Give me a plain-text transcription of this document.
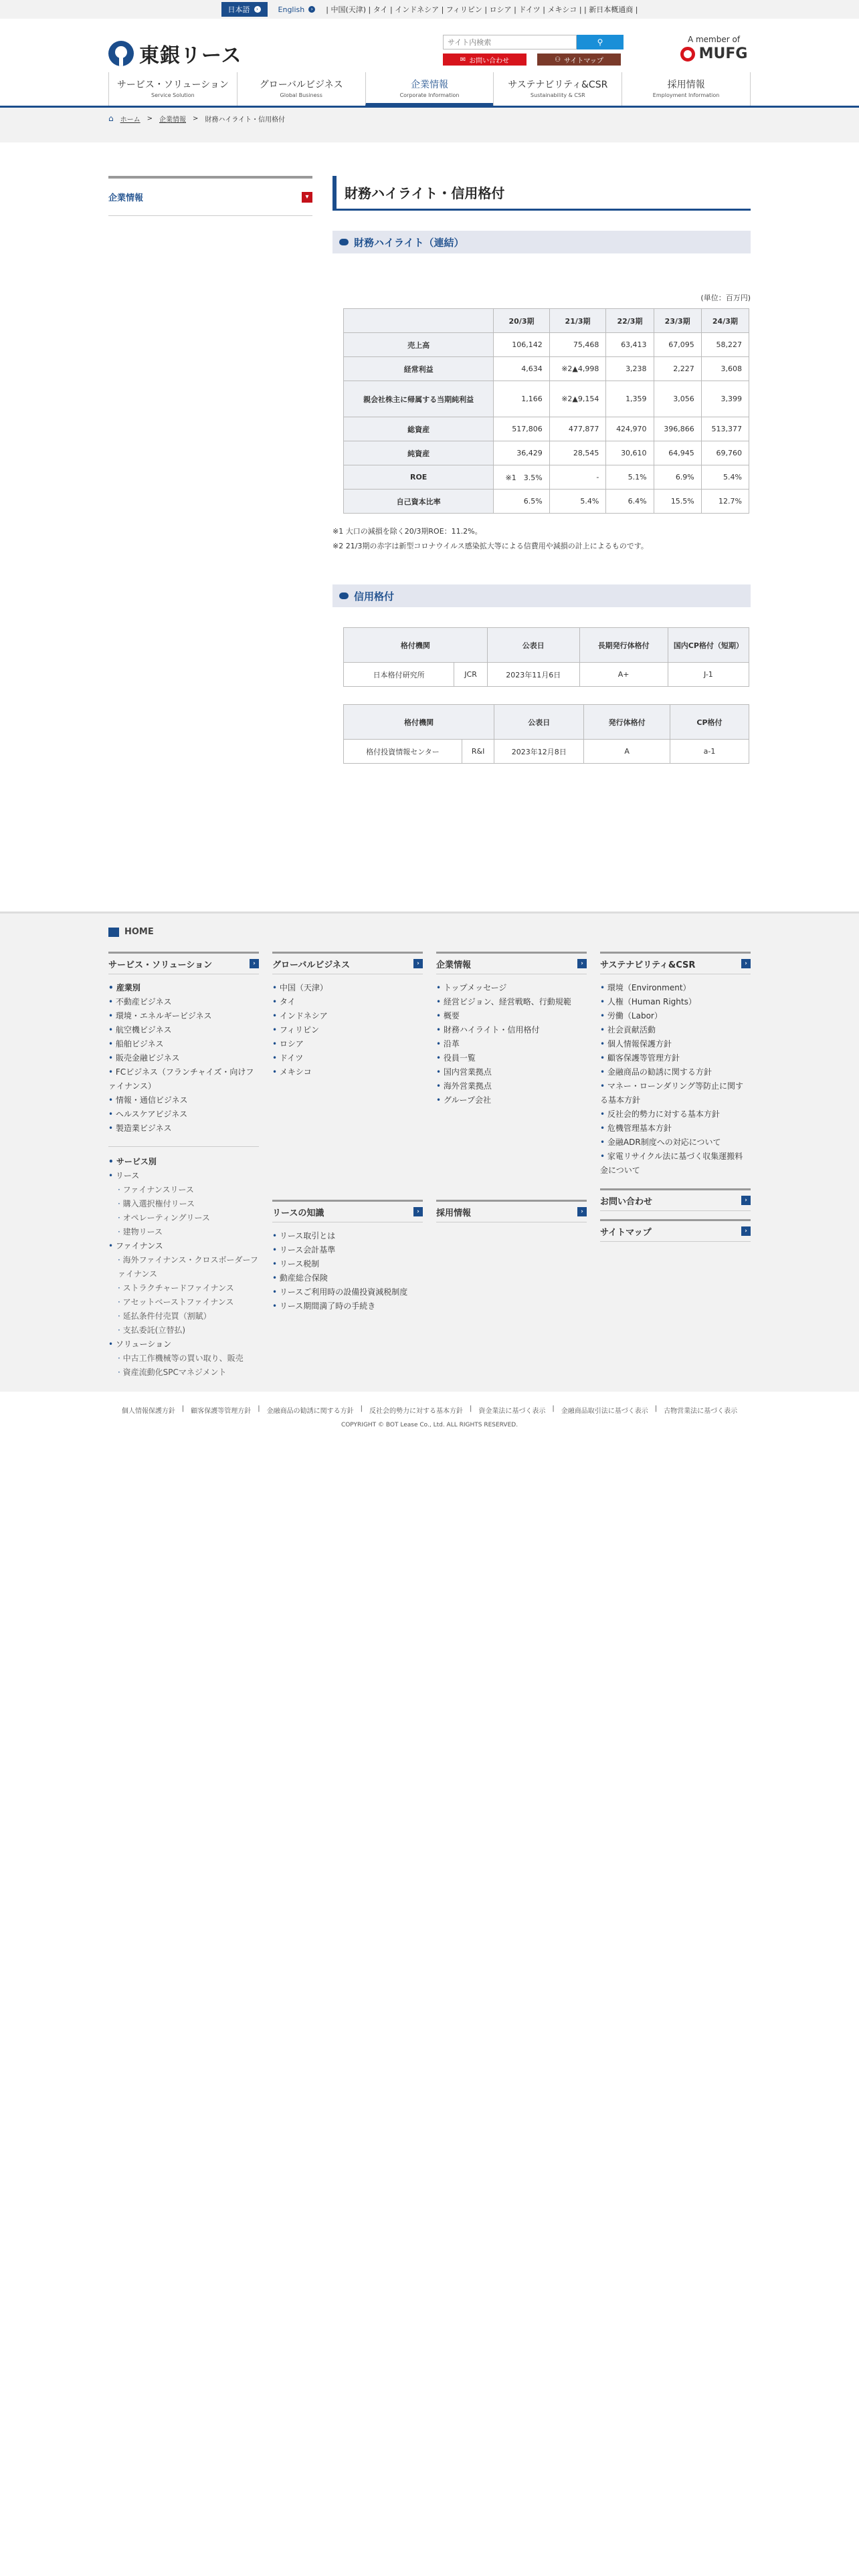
日本語	›	English	›	| 中国(天津) | タイ | インドネシア | フィリピン | ロシア | ドイツ | メキシコ | | 新日本概通商 |
東銀リース
サイト内検索
⚲
✉ お問い合わせ	⚇ サイトマップ
A member of
MUFG
サービス・ソリューション
Service Solution
グローバルビジネス
Global Business
企業情報
Corporate Information
サステナビリティ&CSR
Sustainability & CSR
採用情報
Employment Information
⌂ ホーム > 企業情報 > 財務ハイライト・信用格付
企業情報	▾	財務ハイライト・信用格付
財務ハイライト（連結）
(単位：百万円)
	20/3期	21/3期	22/3期	23/3期	24/3期
売上高	106,142	75,468	63,413	67,095	58,227
経常利益	4,634	※2▲4,998	3,238	2,227	3,608
親会社株主に帰属する当期純利益	1,166	※2▲9,154	1,359	3,056	3,399
総資産	517,806	477,877	424,970	396,866	513,377
純資産	36,429	28,545	30,610	64,945	69,760
ROE	※1　3.5%	-	5.1%	6.9%	5.4%
自己資本比率	6.5%	5.4%	6.4%	15.5%	12.7%
※1 大口の減損を除く20/3期ROE：11.2%。
※2 21/3期の赤字は新型コロナウイルス感染拡大等による信費用や減損の計上によるものです。
信用格付
格付機関		公表日	長期発行体格付	国内CP格付（短期）
日本格付研究所	JCR	2023年11月6日	A+	J-1
格付機関		公表日	発行体格付	CP格付
格付投資情報センター	R&I	2023年12月8日	A	a-1
HOME
サービス・ソリューション	›
• 産業別
• 不動産ビジネス
• 環境・エネルギービジネス
• 航空機ビジネス
• 船舶ビジネス
• 販売金融ビジネス
• FCビジネス（フランチャイズ・向けファイナンス）
• 情報・通信ビジネス
• ヘルスケアビジネス
• 製造業ビジネス
• サービス別
• リース
· ファイナンスリース
· 購入選択権付リース
· オペレーティングリース
· 建物リース
• ファイナンス
· 海外ファイナンス・クロスボーダーファイナンス
· ストラクチャードファイナンス
· アセットベーストファイナンス
· 延払条件付売買（割賦）
· 支払委託(立替払)
• ソリューション
· 中古工作機械等の買い取り、販売
· 資産流動化SPCマネジメント
グローバルビジネス	›
• 中国（天津）
• タイ
• インドネシア
• フィリピン
• ロシア
• ドイツ
• メキシコ
リースの知識	›
• リース取引とは
• リース会計基準
• リース税制
• 動産総合保険
• リースご利用時の設備投資減税制度
• リース期間満了時の手続き
企業情報	›
• トップメッセージ
• 経営ビジョン、経営戦略、行動規範
• 概要
• 財務ハイライト・信用格付
• 沿革
• 役員一覧
• 国内営業拠点
• 海外営業拠点
• グループ会社
採用情報	›
サステナビリティ&CSR	›
• 環境（Environment）
• 人権（Human Rights）
• 労働（Labor）
• 社会貢献活動
• 個人情報保護方針
• 顧客保護等管理方針
• 金融商品の勧誘に関する方針
• マネー・ローンダリング等防止に関する基本方針
• 反社会的勢力に対する基本方針
• 危機管理基本方針
• 金融ADR制度への対応について
• 家電リサイクル法に基づく収集運搬料金について
お問い合わせ	›
サイトマップ	›
個人情報保護方針 | 顧客保護等管理方針 | 金融商品の勧誘に関する方針 | 反社会的勢力に対する基本方針 | 資金業法に基づく表示 | 金融商品取引法に基づく表示 | 古物営業法に基づく表示
COPYRIGHT © BOT Lease Co., Ltd. ALL RIGHTS RESERVED.
